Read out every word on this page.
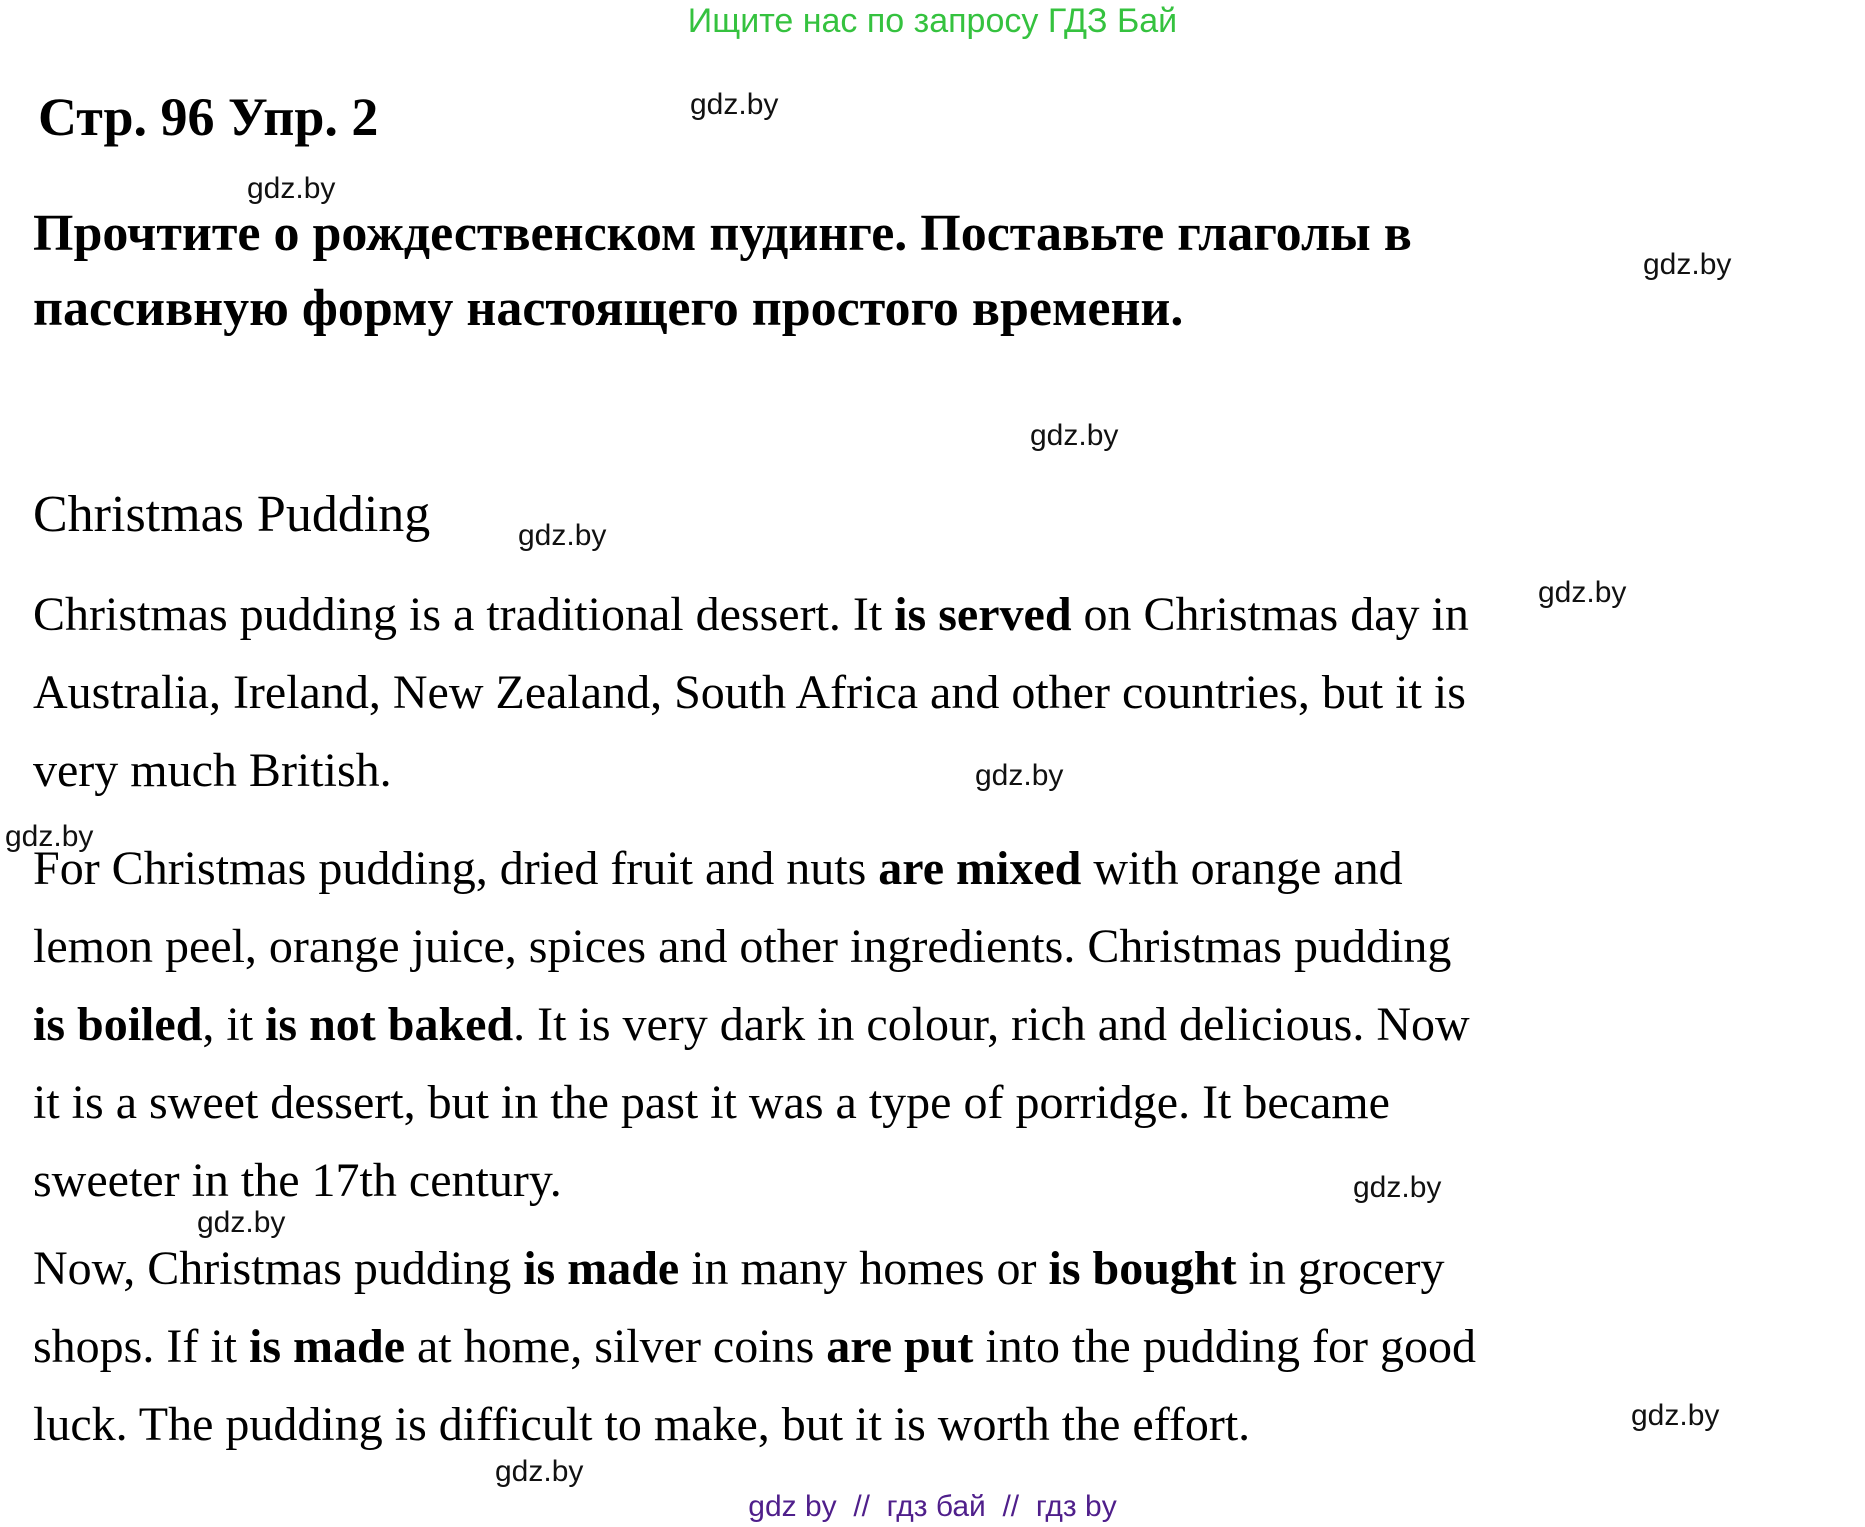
Ищите нас по запросу ГДЗ Бай
Стр. 96 Упр. 2
Прочтите о рождественском пудинге. Поставьте глаголы в
пассивную форму настоящего простого времени.
Christmas Pudding
Christmas pudding is a traditional dessert. It is served on Christmas day in
Australia, Ireland, New Zealand, South Africa and other countries, but it is
very much British.
For Christmas pudding, dried fruit and nuts are mixed with orange and
lemon peel, orange juice, spices and other ingredients. Christmas pudding
is boiled, it is not baked. It is very dark in colour, rich and delicious. Now
it is a sweet dessert, but in the past it was a type of porridge. It became
sweeter in the 17th century.
Now, Christmas pudding is made in many homes or is bought in grocery
shops. If it is made at home, silver coins are put into the pudding for good
luck. The pudding is difficult to make, but it is worth the effort.
gdz.by
gdz.by
gdz.by
gdz.by
gdz.by
gdz.by
gdz.by
gdz.by
gdz.by
gdz.by
gdz.by
gdz.by
gdz by  //  гдз бай  //  гдз by
